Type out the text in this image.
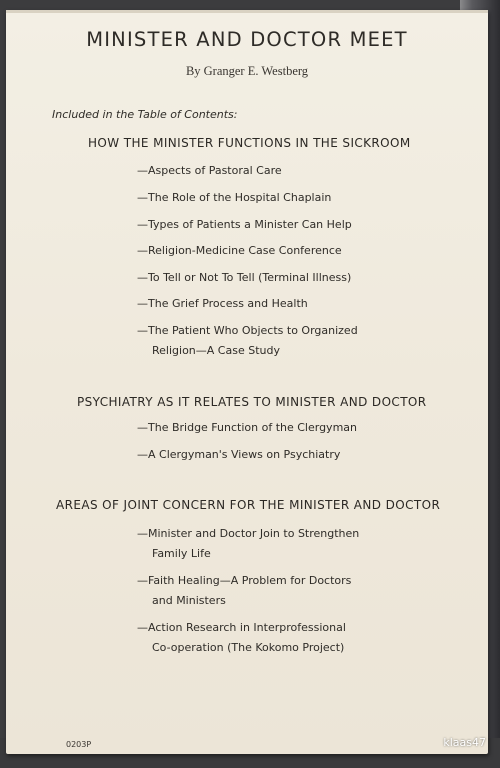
MINISTER AND DOCTOR MEET
By Granger E. Westberg
Included in the Table of Contents:
HOW THE MINISTER FUNCTIONS IN THE SICKROOM
—Aspects of Pastoral Care
—The Role of the Hospital Chaplain
—Types of Patients a Minister Can Help
—Religion-Medicine Case Conference
—To Tell or Not To Tell (Terminal Illness)
—The Grief Process and Health
—The Patient Who Objects to Organized
Religion—A Case Study
PSYCHIATRY AS IT RELATES TO MINISTER AND DOCTOR
—The Bridge Function of the Clergyman
—A Clergyman's Views on Psychiatry
AREAS OF JOINT CONCERN FOR THE MINISTER AND DOCTOR
—Minister and Doctor Join to Strengthen
Family Life
—Faith Healing—A Problem for Doctors
and Ministers
—Action Research in Interprofessional
Co-operation (The Kokomo Project)
0203P	klaas47
